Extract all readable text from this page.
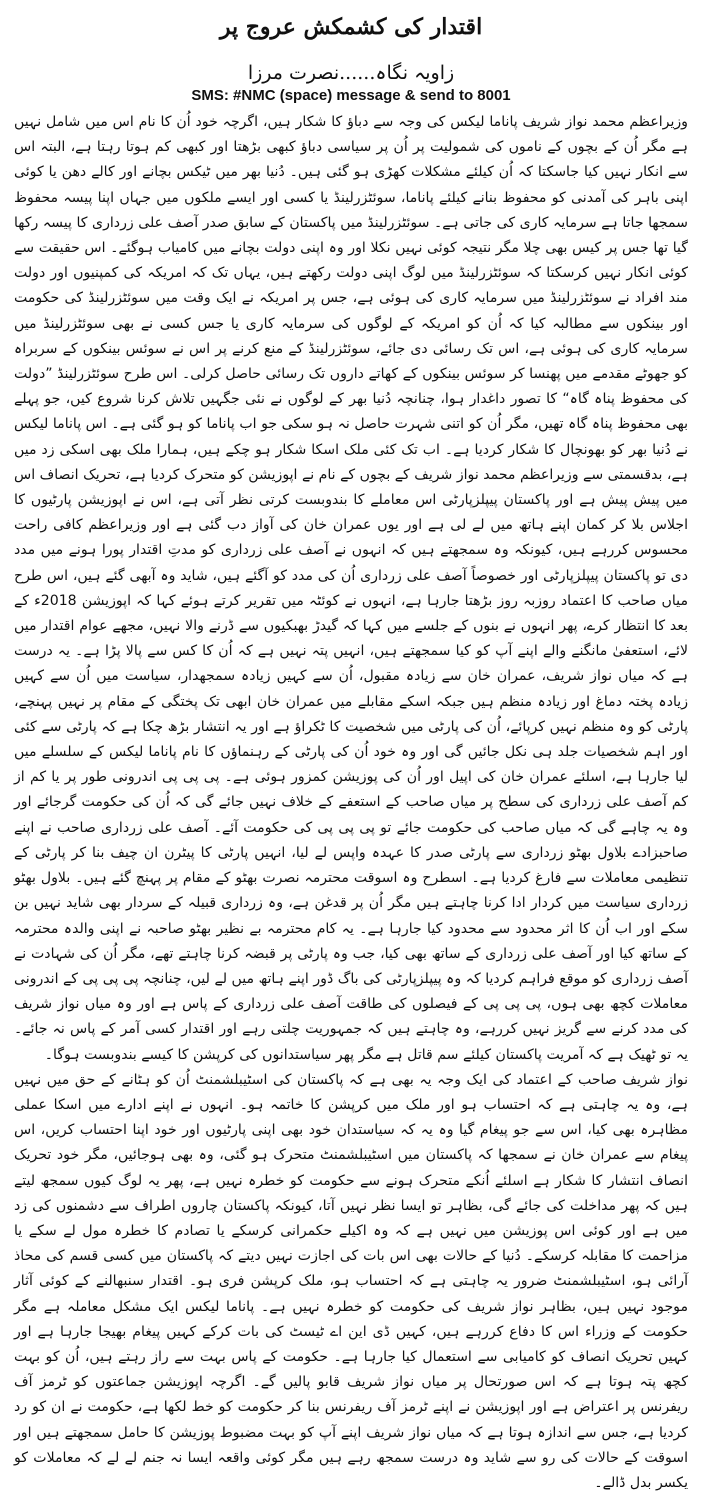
اقتدار کی کشمکش عروج پر
زاویہ نگاہ......نصرت مرزا
SMS: #NMC (space) message & send to 8001

وزیراعظم محمد نواز شریف پاناما لیکس کی وجہ سے دباؤ کا شکار ہیں، اگرچہ خود اُن کا نام اس میں شامل نہیں ہے مگر اُن کے بچوں کے ناموں کی شمولیت پر اُن پر سیاسی دباؤ کبھی بڑھتا اور کبھی کم ہوتا رہتا ہے، البتہ اس سے انکار نہیں کیا جاسکتا کہ اُن کیلئے مشکلات کھڑی ہو گئی ہیں۔ دُنیا بھر میں ٹیکس بچانے اور کالے دھن یا کوئی اپنی باہر کی آمدنی کو محفوظ بنانے کیلئے پاناما، سوئٹزرلینڈ یا کسی اور ایسے ملکوں میں جہاں اپنا پیسہ محفوظ سمجھا جاتا ہے سرمایہ کاری کی جاتی ہے۔ سوئٹزرلینڈ میں پاکستان کے سابق صدر آصف علی زرداری کا پیسہ رکھا گیا تھا جس پر کیس بھی چلا مگر نتیجہ کوئی نہیں نکلا اور وہ اپنی دولت بچانے میں کامیاب ہوگئے۔ اس حقیقت سے کوئی انکار نہیں کرسکتا کہ سوئٹزرلینڈ میں لوگ اپنی دولت رکھتے ہیں، یہاں تک کہ امریکہ کی کمپنیوں اور دولت مند افراد نے سوئٹزرلینڈ میں سرمایہ کاری کی ہوئی ہے، جس پر امریکہ نے ایک وقت میں سوئٹزرلینڈ کی حکومت اور بینکوں سے مطالبہ کیا کہ اُن کو امریکہ کے لوگوں کی سرمایہ کاری یا جس کسی نے بھی سوئٹزرلینڈ میں سرمایہ کاری کی ہوئی ہے، اس تک رسائی دی جائے، سوئٹزرلینڈ کے منع کرنے پر اس نے سوئس بینکوں کے سربراہ کو جھوٹے مقدمے میں پھنسا کر سوئس بینکوں کے کھاتے داروں تک رسائی حاصل کرلی۔ اس طرح سوئٹزرلینڈ ”دولت کی محفوظ پناہ گاہ“ کا تصور داغدار ہوا، چنانچہ دُنیا بھر کے لوگوں نے نئی جگہیں تلاش کرنا شروع کیں، جو پہلے بھی محفوظ پناہ گاہ تھیں، مگر اُن کو اتنی شہرت حاصل نہ ہو سکی جو اب پاناما کو ہو گئی ہے۔ اس پاناما لیکس نے دُنیا بھر کو بھونچال کا شکار کردیا ہے۔ اب تک کئی ملک اسکا شکار ہو چکے ہیں، ہمارا ملک بھی اسکی زد میں ہے، بدقسمتی سے وزیراعظم محمد نواز شریف کے بچوں کے نام نے اپوزیشن کو متحرک کردیا ہے، تحریک انصاف اس میں پیش پیش ہے اور پاکستان پیپلزپارٹی اس معاملے کا بندوبست کرتی نظر آتی ہے، اس نے اپوزیشن پارٹیوں کا اجلاس بلا کر کمان اپنے ہاتھ میں لے لی ہے اور یوں عمران خان کی آواز دب گئی ہے اور وزیراعظم کافی راحت محسوس کررہے ہیں، کیونکہ وہ سمجھتے ہیں کہ انہوں نے آصف علی زرداری کو مدتِ اقتدار پورا ہونے میں مدد دی تو پاکستان پیپلزپارٹی اور خصوصاً آصف علی زرداری اُن کی مدد کو آگئے ہیں، شاید وہ آبھی گئے ہیں، اس طرح میاں صاحب کا اعتماد روزبہ روز بڑھتا جارہا ہے، انہوں نے کوئٹہ میں تقریر کرتے ہوئے کہا کہ اپوزیشن 2018ء کے بعد کا انتظار کرے، پھر انہوں نے بنوں کے جلسے میں کہا کہ گیدڑ بھبکیوں سے ڈرنے والا نہیں، مجھے عوام اقتدار میں لائے، استعفیٰ مانگنے والے اپنے آپ کو کیا سمجھتے ہیں، انہیں پتہ نہیں ہے کہ اُن کا کس سے پالا پڑا ہے۔ یہ درست ہے کہ میاں نواز شریف، عمران خان سے زیادہ مقبول، اُن سے کہیں زیادہ سمجھدار، سیاست میں اُن سے کہیں زیادہ پختہ دماغ اور زیادہ منظم ہیں جبکہ اسکے مقابلے میں عمران خان ابھی تک پختگی کے مقام پر نہیں پہنچے، پارٹی کو وہ منظم نہیں کرپائے، اُن کی پارٹی میں شخصیت کا ٹکراؤ ہے اور یہ انتشار بڑھ چکا ہے کہ پارٹی سے کئی اور اہم شخصیات جلد ہی نکل جائیں گی اور وہ خود اُن کی پارٹی کے رہنماؤں کا نام پاناما لیکس کے سلسلے میں لیا جارہا ہے، اسلئے عمران خان کی اپیل اور اُن کی پوزیشن کمزور ہوئی ہے۔ پی پی پی اندرونی طور پر یا کم از کم آصف علی زرداری کی سطح پر میاں صاحب کے استعفے کے خلاف نہیں جائے گی کہ اُن کی حکومت گرجائے اور وہ یہ چاہے گی کہ میاں صاحب کی حکومت جائے تو پی پی پی کی حکومت آئے۔ آصف علی زرداری صاحب نے اپنے صاحبزادے بلاول بھٹو زرداری سے پارٹی صدر کا عہدہ واپس لے لیا، انہیں پارٹی کا پیٹرن ان چیف بنا کر پارٹی کے تنظیمی معاملات سے فارغ کردیا ہے۔ اسطرح وہ اسوقت محترمہ نصرت بھٹو کے مقام پر پہنچ گئے ہیں۔ بلاول بھٹو زرداری سیاست میں کردار ادا کرنا چاہتے ہیں مگر اُن پر قدغن ہے، وہ زرداری قبیلہ کے سردار بھی شاید نہیں بن سکے اور اب اُن کا اثر محدود سے محدود کیا جارہا ہے۔ یہ کام محترمہ بے نظیر بھٹو صاحبہ نے اپنی والدہ محترمہ کے ساتھ کیا اور آصف علی زرداری کے ساتھ بھی کیا، جب وہ پارٹی پر قبضہ کرنا چاہتے تھے، مگر اُن کی شہادت نے آصف زرداری کو موقع فراہم کردیا کہ وہ پیپلزپارٹی کی باگ ڈور اپنے ہاتھ میں لے لیں، چنانچہ پی پی پی کے اندرونی معاملات کچھ بھی ہوں، پی پی پی کے فیصلوں کی طاقت آصف علی زرداری کے پاس ہے اور وہ میاں نواز شریف کی مدد کرنے سے گریز نہیں کررہے، وہ چاہتے ہیں کہ جمہوریت چلتی رہے اور اقتدار کسی آمر کے پاس نہ جائے۔ یہ تو ٹھیک ہے کہ آمریت پاکستان کیلئے سم قاتل ہے مگر پھر سیاستدانوں کی کرپشن کا کیسے بندوبست ہوگا۔

نواز شریف صاحب کے اعتماد کی ایک وجہ یہ بھی ہے کہ پاکستان کی اسٹیبلشمنٹ اُن کو ہٹانے کے حق میں نہیں ہے، وہ یہ چاہتی ہے کہ احتساب ہو اور ملک میں کرپشن کا خاتمہ ہو۔ انہوں نے اپنے ادارے میں اسکا عملی مظاہرہ بھی کیا، اس سے جو پیغام گیا وہ یہ کہ سیاستدان خود بھی اپنی پارٹیوں اور خود اپنا احتساب کریں، اس پیغام سے عمران خان نے سمجھا کہ پاکستان میں اسٹیبلشمنٹ متحرک ہو گئی، وہ بھی ہوجائیں، مگر خود تحریک انصاف انتشار کا شکار ہے اسلئے اُنکے متحرک ہونے سے حکومت کو خطرہ نہیں ہے، پھر یہ لوگ کیوں سمجھ لیتے ہیں کہ پھر مداخلت کی جائے گی، بظاہر تو ایسا نظر نہیں آتا، کیونکہ پاکستان چاروں اطراف سے دشمنوں کی زد میں ہے اور کوئی اس پوزیشن میں نہیں ہے کہ وہ اکیلے حکمرانی کرسکے یا تصادم کا خطرہ مول لے سکے یا مزاحمت کا مقابلہ کرسکے۔ دُنیا کے حالات بھی اس بات کی اجازت نہیں دیتے کہ پاکستان میں کسی قسم کی محاذ آرائی ہو، اسٹیبلشمنٹ ضرور یہ چاہتی ہے کہ احتساب ہو، ملک کرپشن فری ہو۔ اقتدار سنبھالنے کے کوئی آثار موجود نہیں ہیں، بظاہر نواز شریف کی حکومت کو خطرہ نہیں ہے۔ پاناما لیکس ایک مشکل معاملہ ہے مگر حکومت کے وزراء اس کا دفاع کررہے ہیں، کہیں ڈی این اے ٹیسٹ کی بات کرکے کہیں پیغام بھیجا جارہا ہے اور کہیں تحریک انصاف کو کامیابی سے استعمال کیا جارہا ہے۔ حکومت کے پاس بہت سے راز رہتے ہیں، اُن کو بہت کچھ پتہ ہوتا ہے کہ اس صورتحال پر میاں نواز شریف قابو پالیں گے۔ اگرچہ اپوزیشن جماعتوں کو ٹرمز آف ریفرنس پر اعتراض ہے اور اپوزیشن نے اپنے ٹرمز آف ریفرنس بنا کر حکومت کو خط لکھا ہے، حکومت نے ان کو رد کردیا ہے، جس سے اندازہ ہوتا ہے کہ میاں نواز شریف اپنے آپ کو بہت مضبوط پوزیشن کا حامل سمجھتے ہیں اور اسوقت کے حالات کی رو سے شاید وہ درست سمجھ رہے ہیں مگر کوئی واقعہ ایسا نہ جنم لے لے کہ معاملات کو یکسر بدل ڈالے۔
